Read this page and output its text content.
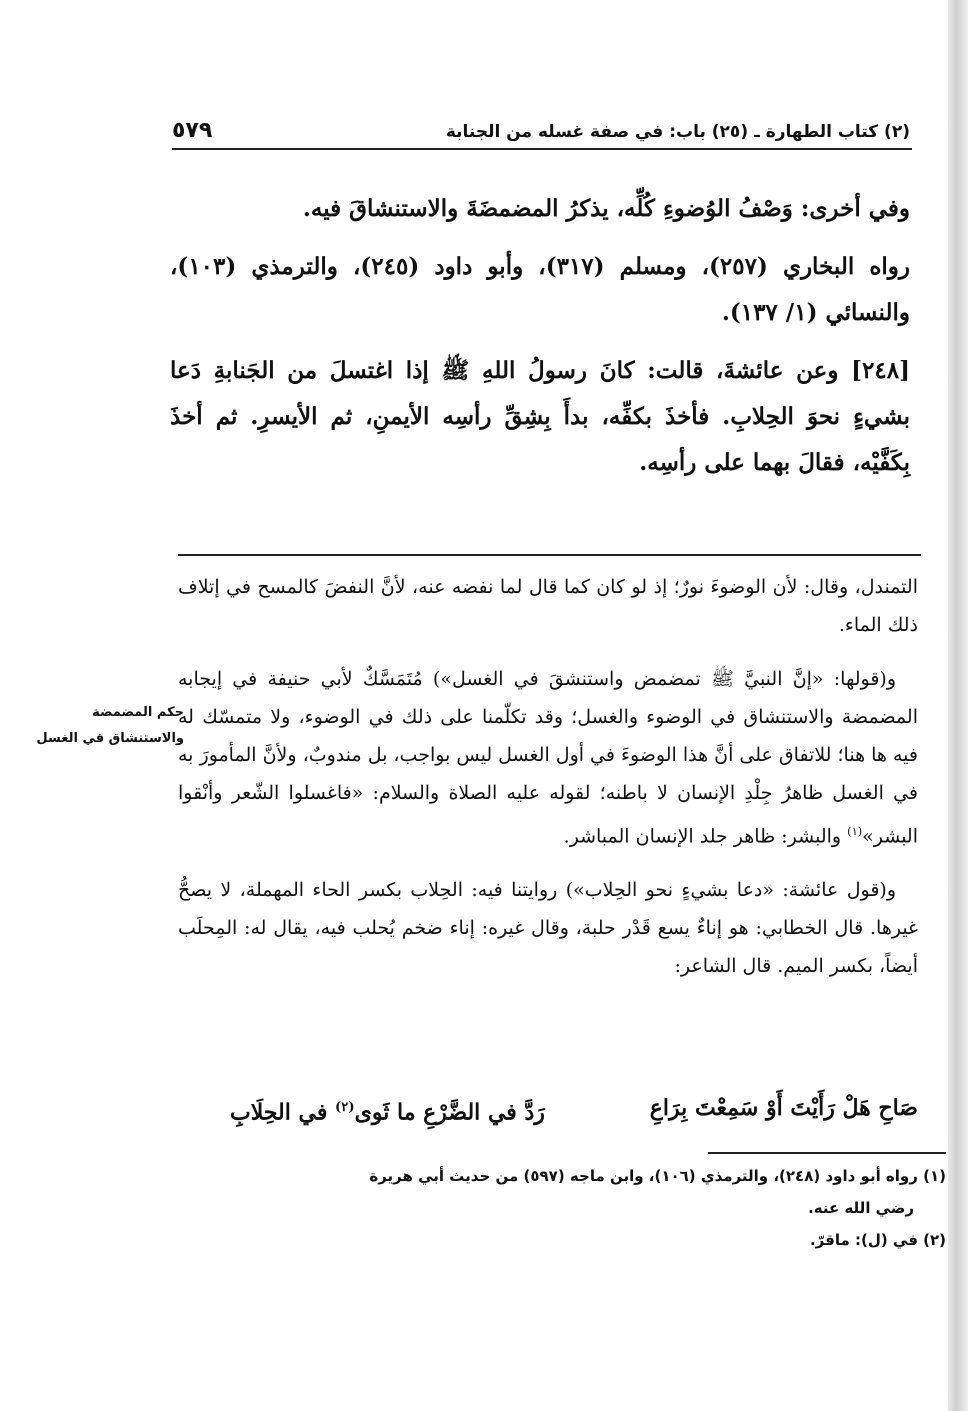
(٢) كتاب الطهارة ـ (٢٥) باب: في صفة غسله من الجنابة
٥٧٩

وفي أخرى: وَصْفُ الوُضوءِ كُلِّه، يذكرُ المضمضَةَ والاستنشاقَ فيه.

رواه البخاري (٢٥٧)، ومسلم (٣١٧)، وأبو داود (٢٤٥)، والترمذي (١٠٣)، والنسائي (١/ ١٣٧).

[٢٤٨] وعن عائشةَ، قالت: كانَ رسولُ اللهِ ﷺ إذا اغتسلَ من الجَنابةِ دَعا بشيءٍ نحوَ الحِلابِ. فأخذَ بكفِّه، بدأَ بِشِقِّ رأسِه الأيمنِ، ثم الأيسرِ. ثم أخذَ بِكَفَّيْه، فقالَ بهما على رأسِه.

التمندل، وقال: لأن الوضوءَ نورٌ؛ إذ لو كان كما قال لما نفضه عنه، لأنَّ النفضَ كالمسح في إتلاف ذلك الماء.

و(قولها: «إنَّ النبيَّ ﷺ تمضمض واستنشقَ في الغسل») مُتَمَسَّكٌ لأبي حنيفة في إيجابه المضمضة والاستنشاق في الوضوء والغسل؛ وقد تكلّمنا على ذلك في الوضوء، ولا متمسّك له فيه ها هنا؛ للاتفاق على أنَّ هذا الوضوءَ في أول الغسل ليس بواجب، بل مندوبٌ، ولأنَّ المأمورَ به في الغسل ظاهرُ جِلْدِ الإنسان لا باطنه؛ لقوله عليه الصلاة والسلام: «فاغسلوا الشّعر وأنْقوا البشر»$^{(١)}$ والبشر: ظاهر جلد الإنسان المباشر.

و(قول عائشة: «دعا بشيءٍ نحو الحِلاب») روايتنا فيه: الحِلاب بكسر الحاء المهملة، لا يصحُّ غيرها. قال الخطابي: هو إناءٌ يسع قَدْر حلبة، وقال غيره: إناء ضخم يُحلب فيه، يقال له: المِحلَب أيضاً، بكسر الميم. قال الشاعر:

حكم المضمضة والاستنشاق في الغسل
صَاحِ هَلْ رَأَيْتَ أَوْ سَمِعْتَ بِرَاعِ
رَدَّ في الضَّرْعِ ما ثَوى$^{(٢)}$ في الحِلَابِ

(١) رواه أبو داود (٢٤٨)، والترمذي (١٠٦)، وابن ماجه (٥٩٧) من حديث أبي هريرة

رضي الله عنه.

(٢) في (ل): ماقرّ.
